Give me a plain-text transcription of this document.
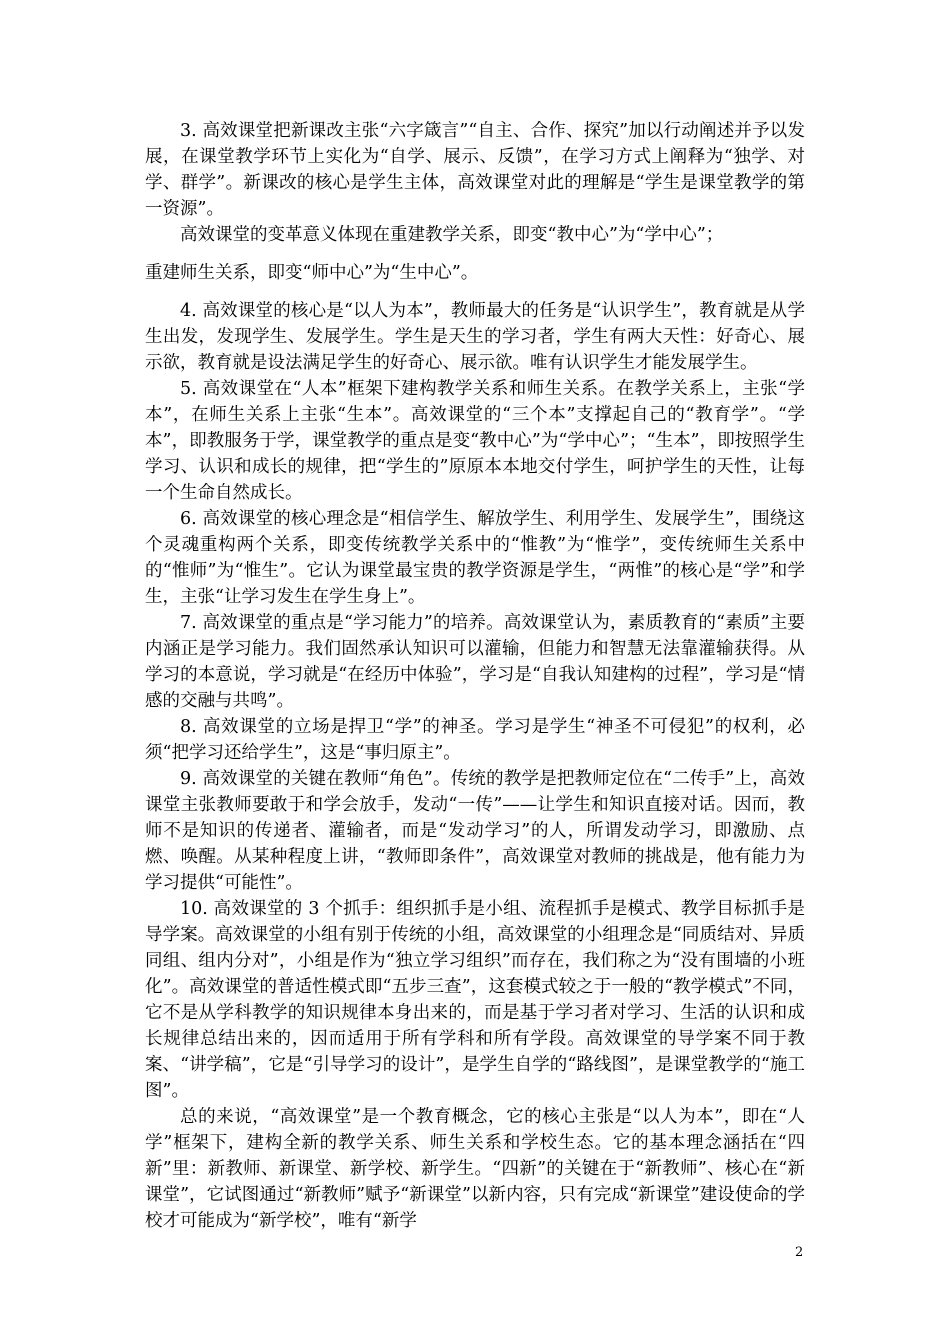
3. 高效课堂把新课改主张“六字箴言”“自主、合作、探究”加以行动阐述并予以发展，在课堂教学环节上实化为“自学、展示、反馈”，在学习方式上阐释为“独学、对学、群学”。新课改的核心是学生主体，高效课堂对此的理解是“学生是课堂教学的第一资源”。

高效课堂的变革意义体现在重建教学关系，即变“教中心”为“学中心”；

重建师生关系，即变“师中心”为“生中心”。

4. 高效课堂的核心是“以人为本”，教师最大的任务是“认识学生”，教育就是从学生出发，发现学生、发展学生。学生是天生的学习者，学生有两大天性：好奇心、展示欲，教育就是设法满足学生的好奇心、展示欲。唯有认识学生才能发展学生。

5. 高效课堂在“人本”框架下建构教学关系和师生关系。在教学关系上，主张“学本”，在师生关系上主张“生本”。高效课堂的“三个本”支撑起自己的“教育学”。“学本”，即教服务于学，课堂教学的重点是变“教中心”为“学中心”；“生本”，即按照学生学习、认识和成长的规律，把“学生的”原原本本地交付学生，呵护学生的天性，让每一个生命自然成长。

6. 高效课堂的核心理念是“相信学生、解放学生、利用学生、发展学生”，围绕这个灵魂重构两个关系，即变传统教学关系中的“惟教”为“惟学”，变传统师生关系中的“惟师”为“惟生”。它认为课堂最宝贵的教学资源是学生，“两惟”的核心是“学”和学生，主张“让学习发生在学生身上”。

7. 高效课堂的重点是“学习能力”的培养。高效课堂认为，素质教育的“素质”主要内涵正是学习能力。我们固然承认知识可以灌输，但能力和智慧无法靠灌输获得。从学习的本意说，学习就是“在经历中体验”，学习是“自我认知建构的过程”，学习是“情感的交融与共鸣”。

8. 高效课堂的立场是捍卫“学”的神圣。学习是学生“神圣不可侵犯”的权利，必须“把学习还给学生”，这是“事归原主”。

9. 高效课堂的关键在教师“角色”。传统的教学是把教师定位在“二传手”上，高效课堂主张教师要敢于和学会放手，发动“一传”——让学生和知识直接对话。因而，教师不是知识的传递者、灌输者，而是“发动学习”的人，所谓发动学习，即激励、点燃、唤醒。从某种程度上讲，“教师即条件”，高效课堂对教师的挑战是，他有能力为学习提供“可能性”。

10. 高效课堂的 3 个抓手：组织抓手是小组、流程抓手是模式、教学目标抓手是导学案。高效课堂的小组有别于传统的小组，高效课堂的小组理念是“同质结对、异质同组、组内分对”，小组是作为“独立学习组织”而存在，我们称之为“没有围墙的小班化”。高效课堂的普适性模式即“五步三查”，这套模式较之于一般的“教学模式”不同，它不是从学科教学的知识规律本身出来的，而是基于学习者对学习、生活的认识和成长规律总结出来的，因而适用于所有学科和所有学段。高效课堂的导学案不同于教案、“讲学稿”，它是“引导学习的设计”，是学生自学的“路线图”，是课堂教学的“施工图”。

总的来说，“高效课堂”是一个教育概念，它的核心主张是“以人为本”，即在“人学”框架下，建构全新的教学关系、师生关系和学校生态。它的基本理念涵括在“四新”里：新教师、新课堂、新学校、新学生。“四新”的关键在于“新教师”、核心在“新课堂”，它试图通过“新教师”赋予“新课堂”以新内容，只有完成“新课堂”建设使命的学校才可能成为“新学校”，唯有“新学

2
